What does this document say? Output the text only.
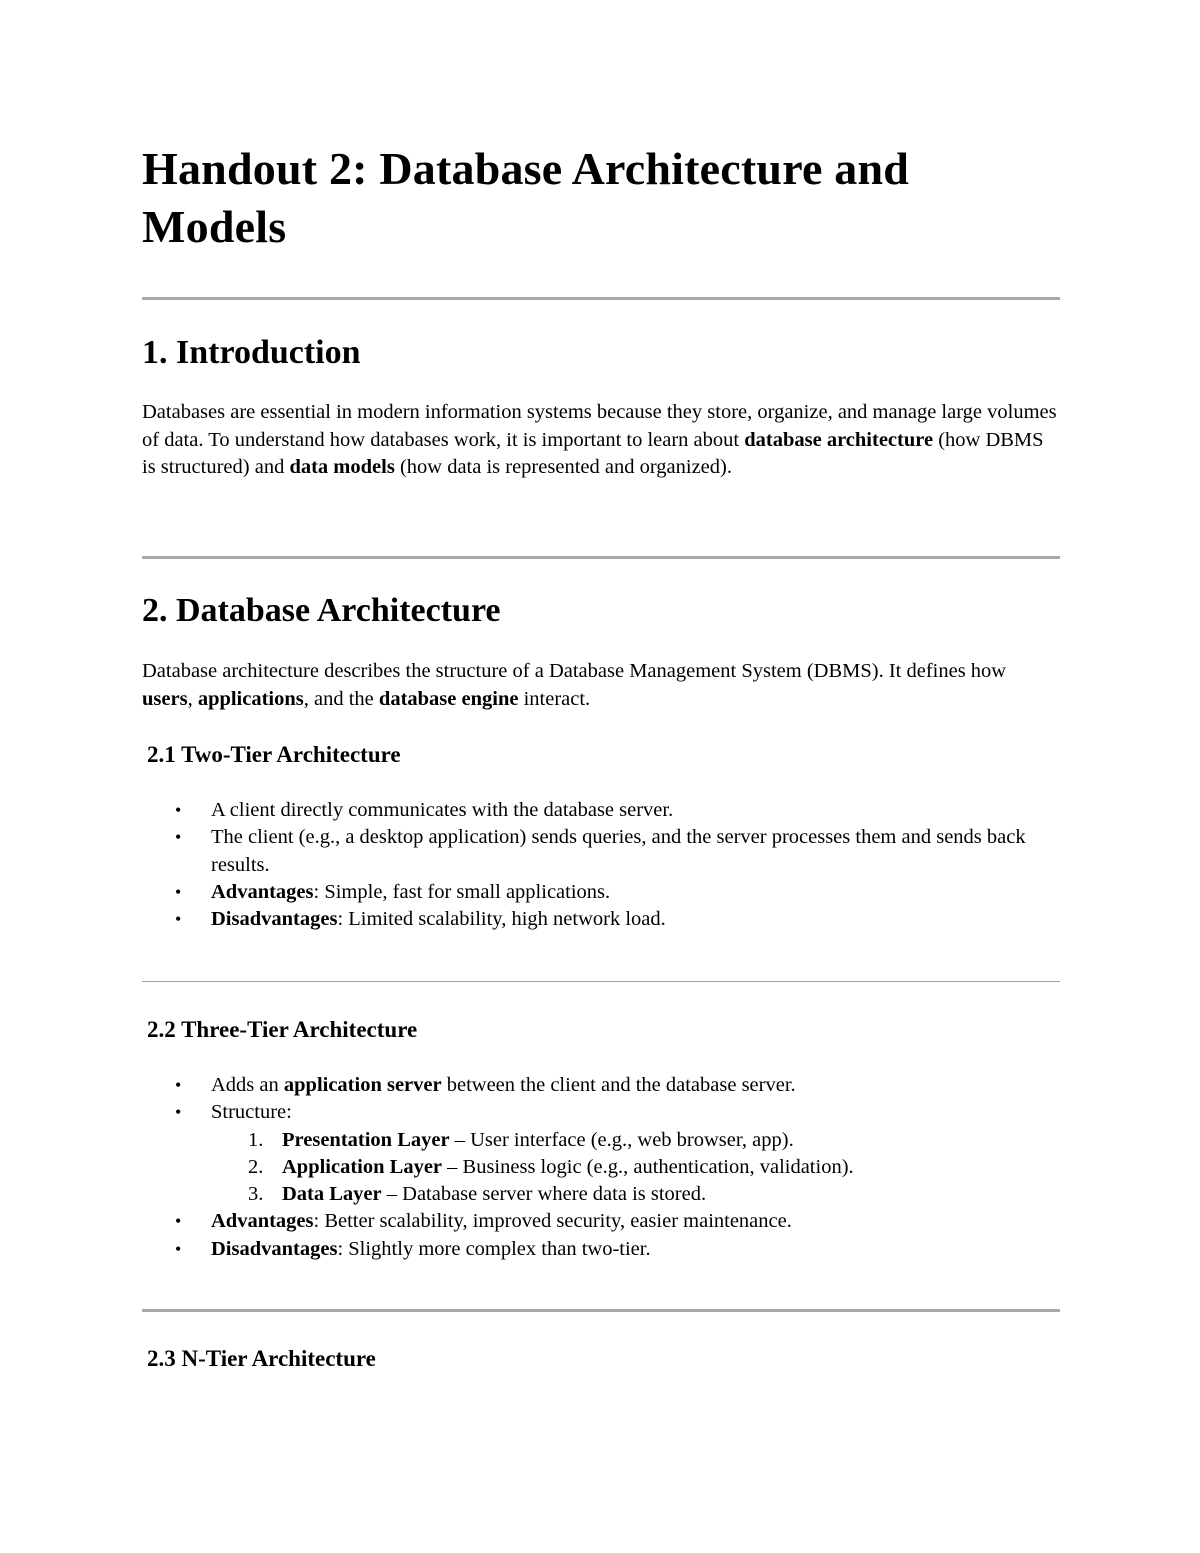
Handout 2: Database Architecture and Models
1. Introduction

Databases are essential in modern information systems because they store, organize, and manage large volumes of data. To understand how databases work, it is important to learn about database architecture (how DBMS is structured) and data models (how data is represented and organized).

2. Database Architecture

Database architecture describes the structure of a Database Management System (DBMS). It defines how users, applications, and the database engine interact.

2.1 Two-Tier Architecture
• A client directly communicates with the database server.
• The client (e.g., a desktop application) sends queries, and the server processes them and sends back results.
• Advantages: Simple, fast for small applications.
• Disadvantages: Limited scalability, high network load.
2.2 Three-Tier Architecture
• Adds an application server between the client and the database server.
• Structure:
1. Presentation Layer – User interface (e.g., web browser, app).
2. Application Layer – Business logic (e.g., authentication, validation).
3. Data Layer – Database server where data is stored.
• Advantages: Better scalability, improved security, easier maintenance.
• Disadvantages: Slightly more complex than two-tier.
2.3 N-Tier Architecture
